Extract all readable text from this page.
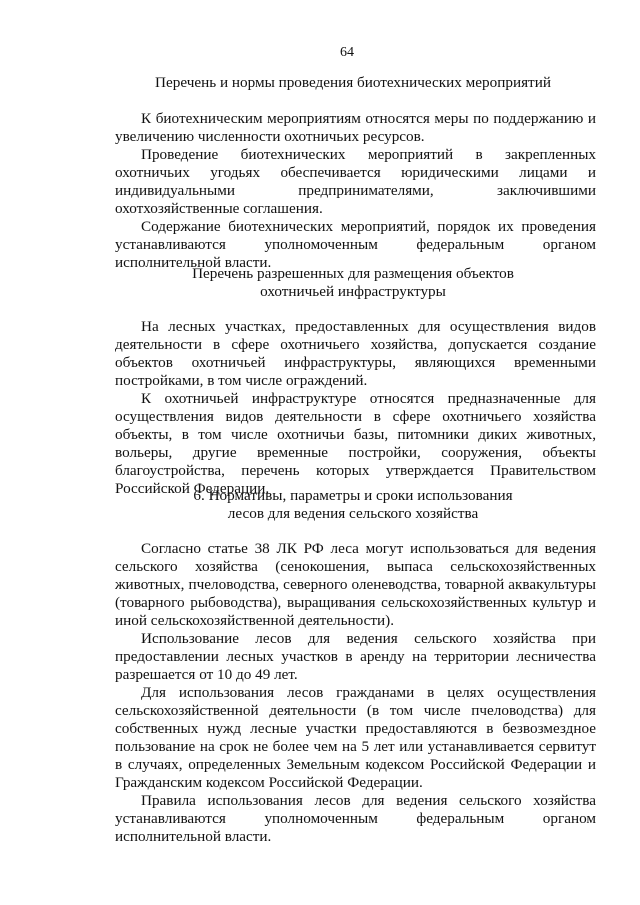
64
Перечень и нормы проведения биотехнических мероприятий

К биотехническим мероприятиям относятся меры по поддержанию и увеличению численности охотничьих ресурсов.

Проведение биотехнических мероприятий в закрепленных охотничьих угодьях обеспечивается юридическими лицами и индивидуальными предпринимателями, заключившими охотхозяйственные соглашения.

Содержание биотехнических мероприятий, порядок их проведения устанавливаются уполномоченным федеральным органом исполнительной власти.

Перечень разрешенных для размещения объектов
охотничьей инфраструктуры

На лесных участках, предоставленных для осуществления видов деятельности в сфере охотничьего хозяйства, допускается создание объектов охотничьей инфраструктуры, являющихся временными постройками, в том числе ограждений.

К охотничьей инфраструктуре относятся предназначенные для осуществления видов деятельности в сфере охотничьего хозяйства объекты, в том числе охотничьи базы, питомники диких животных, вольеры, другие временные постройки, сооружения, объекты благоустройства, перечень которых утверждается Правительством Российской Федерации.

6. Нормативы, параметры и сроки использования
лесов для ведения сельского хозяйства

Согласно статье 38 ЛК РФ леса могут использоваться для ведения сельского хозяйства (сенокошения, выпаса сельскохозяйственных животных, пчеловодства, северного оленеводства, товарной аквакультуры (товарного рыбоводства), выращивания сельскохозяйственных культур и иной сельскохозяйственной деятельности).

Использование лесов для ведения сельского хозяйства при предоставлении лесных участков в аренду на территории лесничества разрешается от 10 до 49 лет.

Для использования лесов гражданами в целях осуществления сельскохозяйственной деятельности (в том числе пчеловодства) для собственных нужд лесные участки предоставляются в безвозмездное пользование на срок не более чем на 5 лет или устанавливается сервитут в случаях, определенных Земельным кодексом Российской Федерации и Гражданским кодексом Российской Федерации.

Правила использования лесов для ведения сельского хозяйства устанавливаются уполномоченным федеральным органом исполнительной власти.
